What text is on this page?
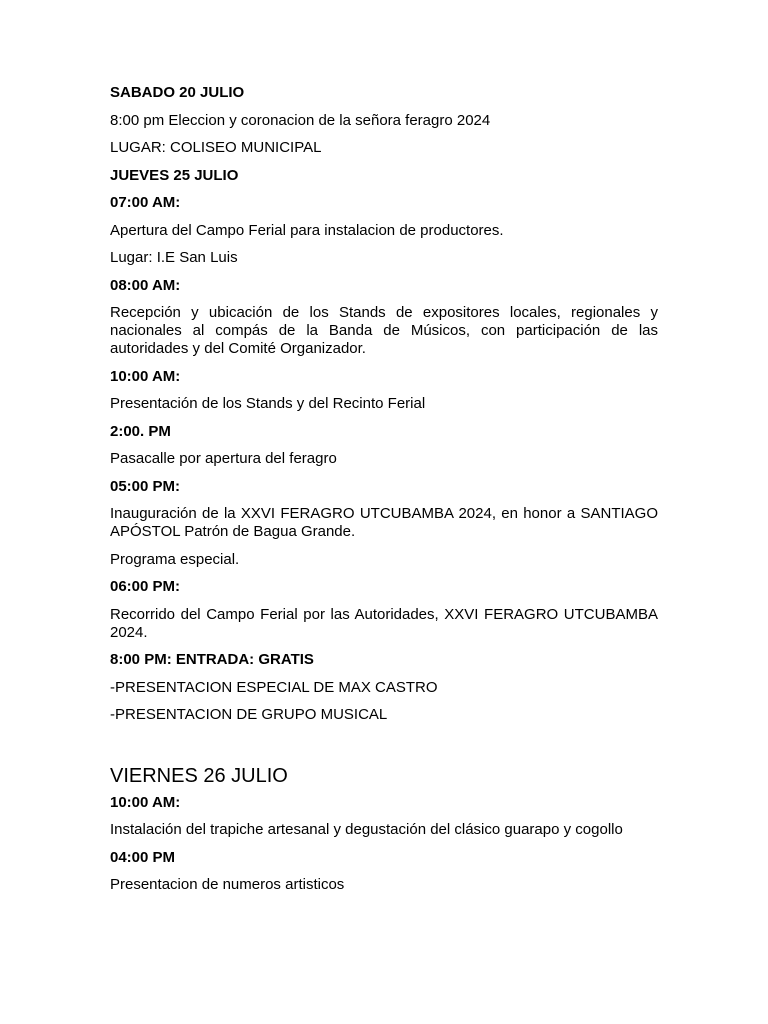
SABADO 20 JULIO
8:00 pm Eleccion y coronacion de la señora feragro 2024
LUGAR: COLISEO MUNICIPAL
JUEVES 25 JULIO
07:00 AM:
Apertura del Campo Ferial para instalacion de productores.
Lugar: I.E San Luis
08:00 AM:
Recepción y ubicación de los Stands de expositores locales, regionales y nacionales al compás de la Banda de Músicos, con participación de las autoridades y del Comité Organizador.
10:00 AM:
Presentación de los Stands y del Recinto Ferial
2:00. PM
Pasacalle por apertura del feragro
05:00 PM:
Inauguración de la XXVI FERAGRO UTCUBAMBA 2024, en honor a SANTIAGO APÓSTOL Patrón de Bagua Grande.
Programa especial.
06:00 PM:
Recorrido del Campo Ferial por las Autoridades, XXVI FERAGRO UTCUBAMBA 2024.
8:00 PM: ENTRADA: GRATIS
-PRESENTACION ESPECIAL DE MAX CASTRO
-PRESENTACION DE GRUPO MUSICAL
VIERNES 26 JULIO
10:00 AM:
Instalación del trapiche artesanal y degustación del clásico guarapo y cogollo
04:00 PM
Presentacion de numeros artisticos
